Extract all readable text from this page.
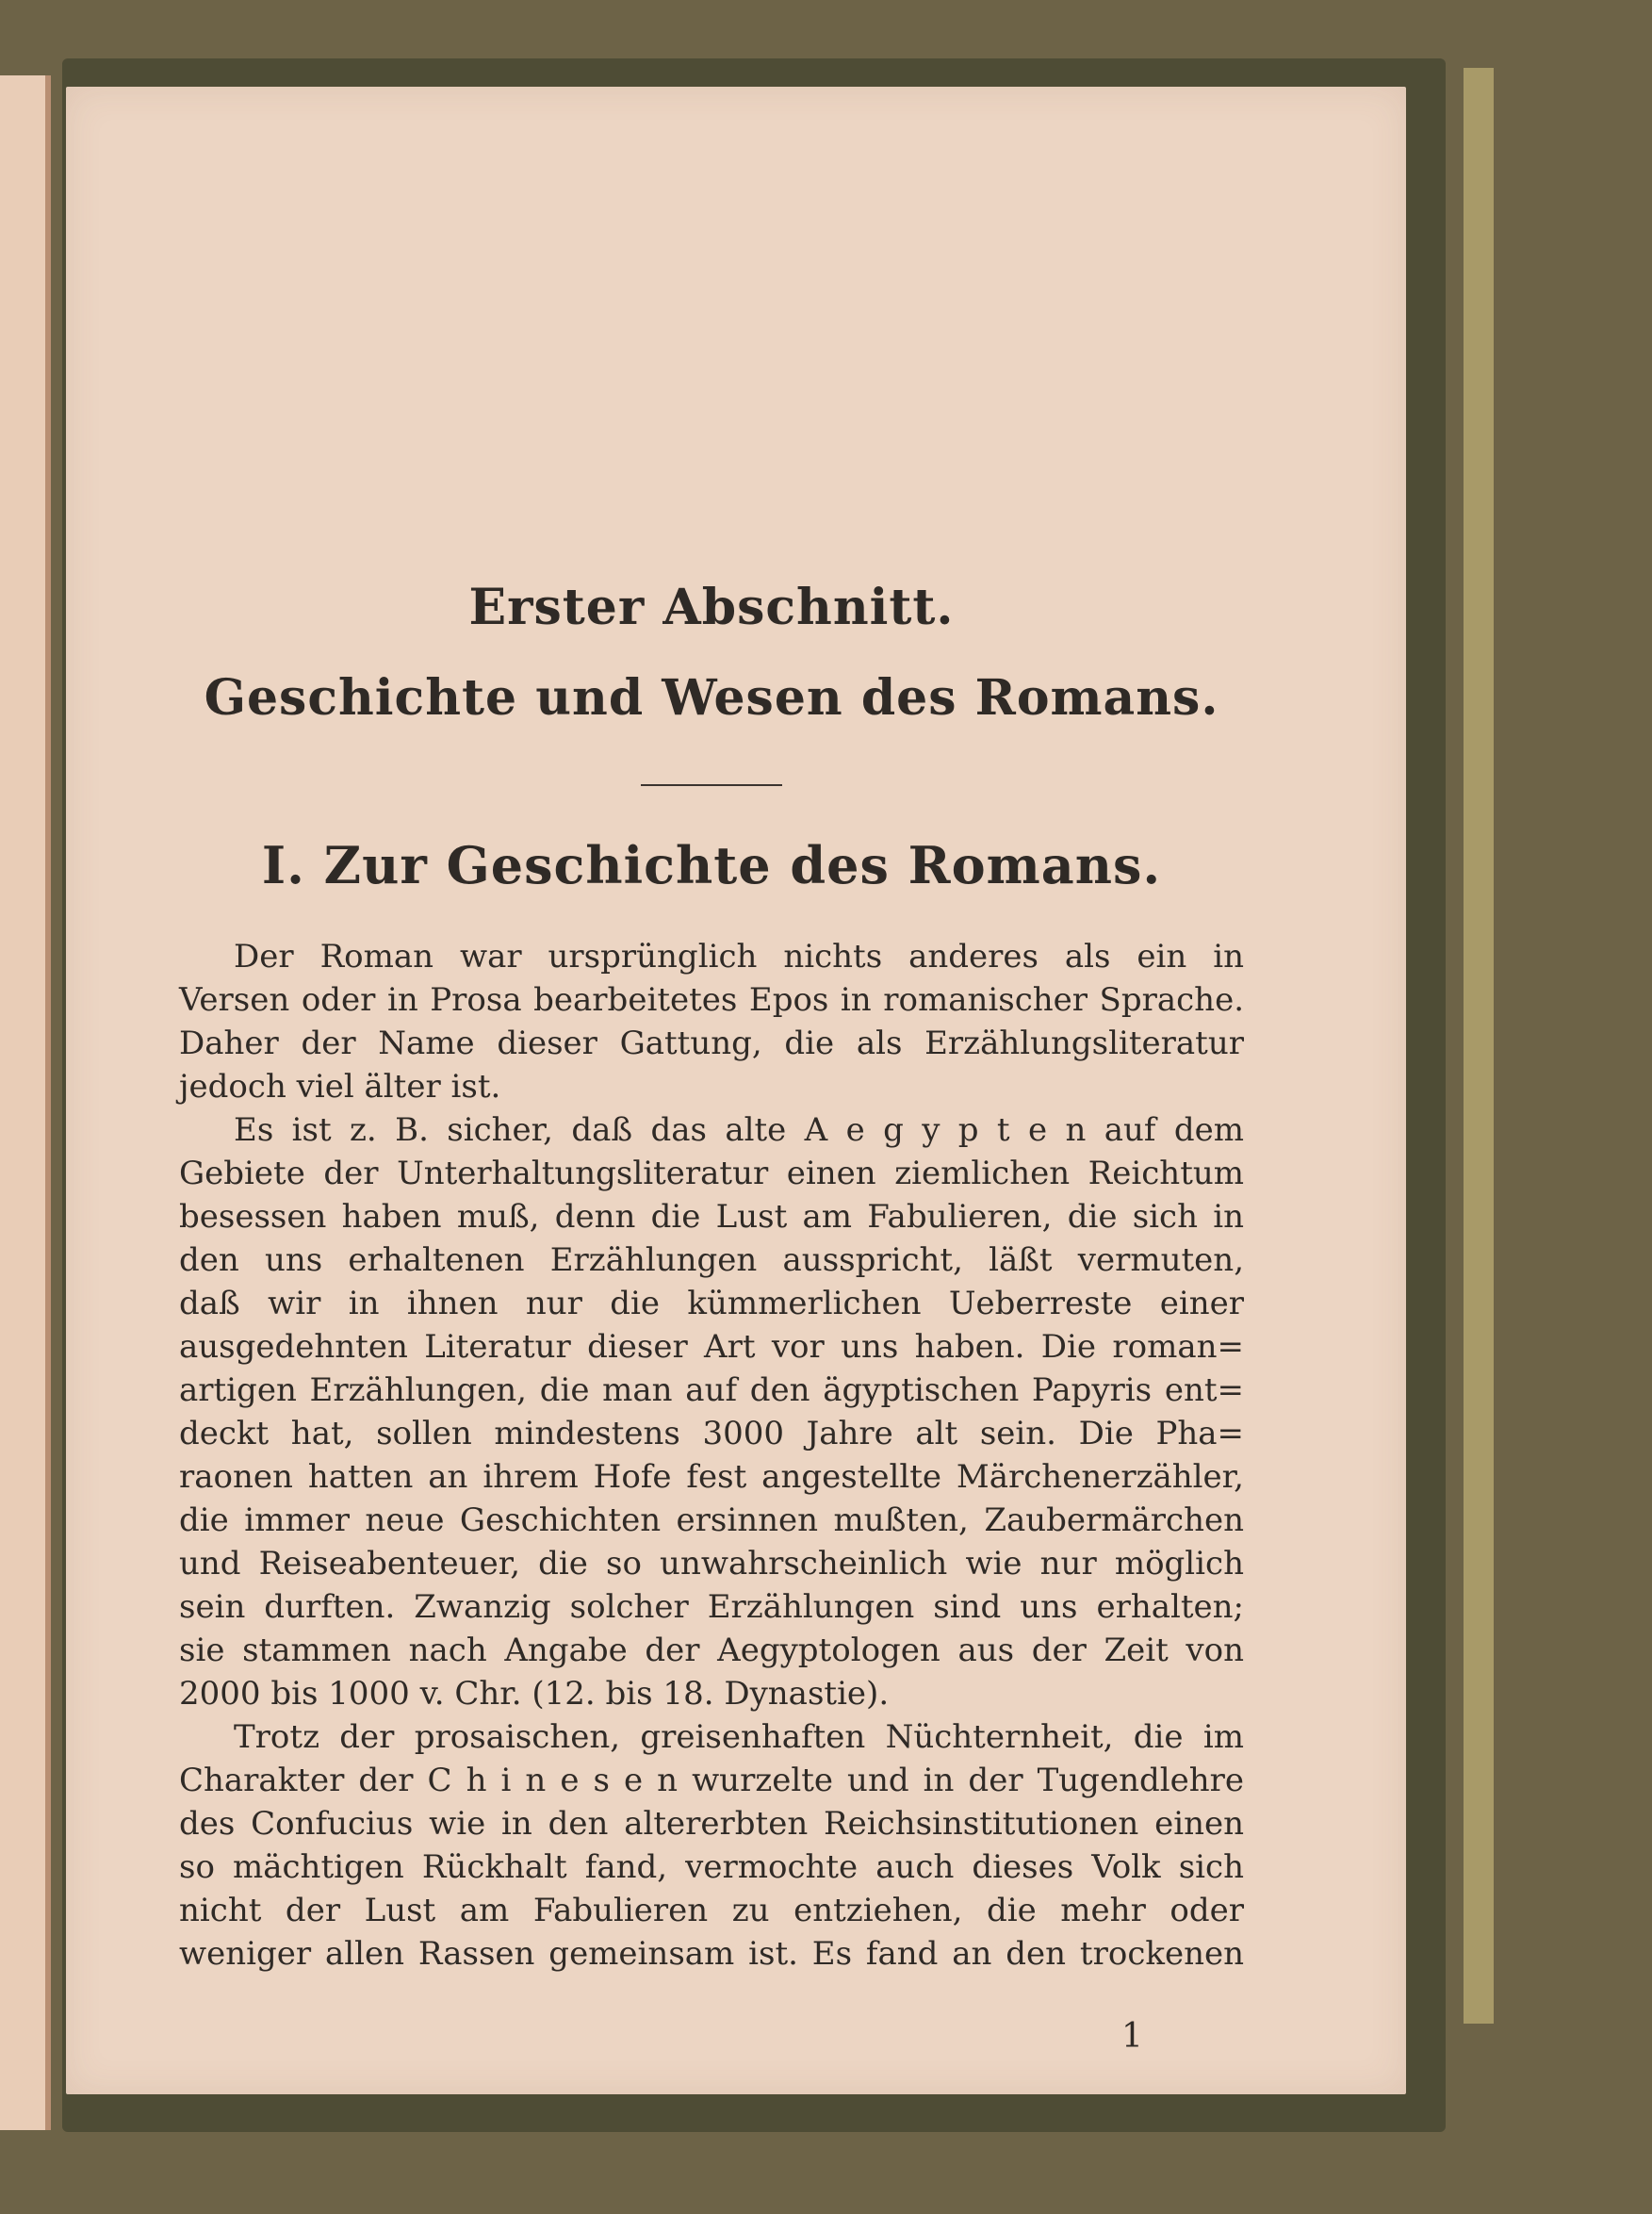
Erster Abschnitt.
Geschichte und Wesen des Romans.
I. Zur Geschichte des Romans.
Der Roman war ursprünglich nichts anderes als ein in
Versen oder in Prosa bearbeitetes Epos in romanischer Sprache.
Daher der Name dieser Gattung, die als Erzählungsliteratur
jedoch viel älter ist.
Es ist z. B. sicher, daß das alte A e g y p t e n auf dem
Gebiete der Unterhaltungsliteratur einen ziemlichen Reichtum
besessen haben muß, denn die Lust am Fabulieren, die sich in
den uns erhaltenen Erzählungen ausspricht, läßt vermuten,
daß wir in ihnen nur die kümmerlichen Ueberreste einer
ausgedehnten Literatur dieser Art vor uns haben. Die roman=
artigen Erzählungen, die man auf den ägyptischen Papyris ent=
deckt hat, sollen mindestens 3000 Jahre alt sein. Die Pha=
raonen hatten an ihrem Hofe fest angestellte Märchenerzähler,
die immer neue Geschichten ersinnen mußten, Zaubermärchen
und Reiseabenteuer, die so unwahrscheinlich wie nur möglich
sein durften. Zwanzig solcher Erzählungen sind uns erhalten;
sie stammen nach Angabe der Aegyptologen aus der Zeit von
2000 bis 1000 v. Chr. (12. bis 18. Dynastie).
Trotz der prosaischen, greisenhaften Nüchternheit, die im
Charakter der C h i n e s e n wurzelte und in der Tugendlehre
des Confucius wie in den altererbten Reichsinstitutionen einen
so mächtigen Rückhalt fand, vermochte auch dieses Volk sich
nicht der Lust am Fabulieren zu entziehen, die mehr oder
weniger allen Rassen gemeinsam ist. Es fand an den trockenen
1
